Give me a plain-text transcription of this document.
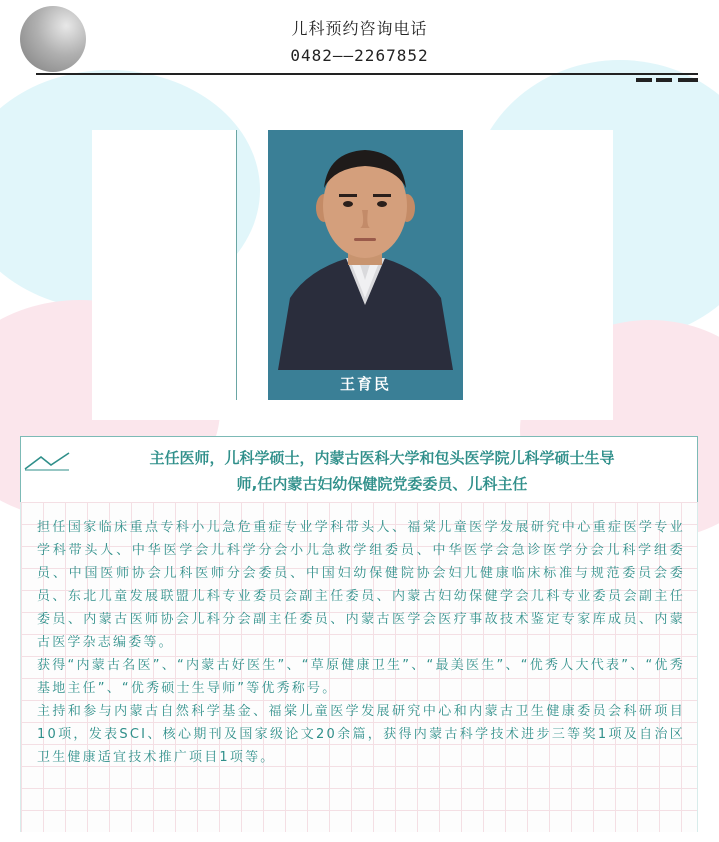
儿科预约咨询电话
0482——2267852
王育民
主任医师，儿科学硕士，内蒙古医科大学和包头医学院儿科学硕士生导
师,任内蒙古妇幼保健院党委委员、儿科主任

担任国家临床重点专科小儿急危重症专业学科带头人、福棠儿童医学发展研究中心重症医学专业学科带头人、中华医学会儿科学分会小儿急救学组委员、中华医学会急诊医学分会儿科学组委员、中国医师协会儿科医师分会委员、中国妇幼保健院协会妇儿健康临床标准与规范委员会委员、东北儿童发展联盟儿科专业委员会副主任委员、内蒙古妇幼保健学会儿科专业委员会副主任委员、内蒙古医师协会儿科分会副主任委员、内蒙古医学会医疗事故技术鉴定专家库成员、内蒙古医学杂志编委等。

获得“内蒙古名医”、“内蒙古好医生”、“草原健康卫生”、“最美医生”、“优秀人大代表”、“优秀基地主任”、“优秀硕士生导师”等优秀称号。

主持和参与内蒙古自然科学基金、福棠儿童医学发展研究中心和内蒙古卫生健康委员会科研项目10项，发表SCI、核心期刊及国家级论文20余篇，获得内蒙古科学技术进步三等奖1项及自治区卫生健康适宜技术推广项目1项等。
